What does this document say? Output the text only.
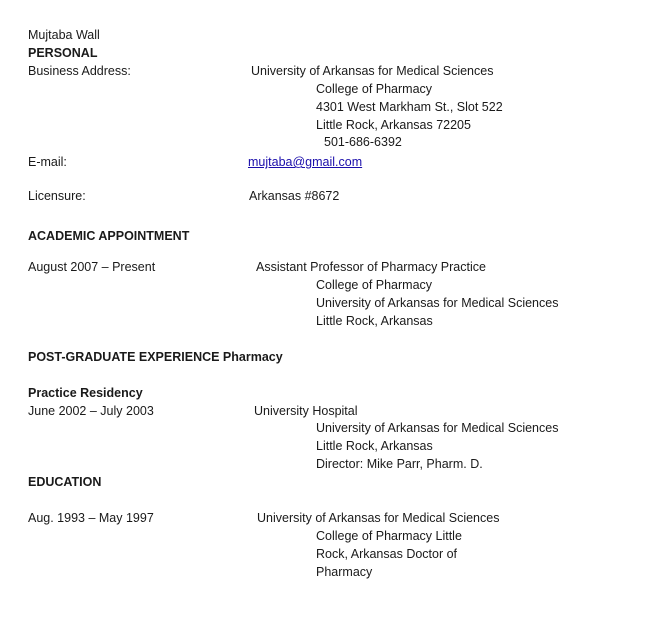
Mujtaba Wall
PERSONAL
Business Address:	University of Arkansas for Medical Sciences
College of Pharmacy
4301 West Markham St., Slot 522
Little Rock, Arkansas 72205
501-686-6392
E-mail:	mujtaba@gmail.com
Licensure:	Arkansas #8672
ACADEMIC APPOINTMENT
August 2007 – Present	Assistant Professor of Pharmacy Practice
College of Pharmacy
University of Arkansas for Medical Sciences
Little Rock, Arkansas
POST-GRADUATE EXPERIENCE Pharmacy
Practice Residency
June 2002 – July 2003	University Hospital
University of Arkansas for Medical Sciences
Little Rock, Arkansas
Director: Mike Parr, Pharm. D.
EDUCATION
Aug. 1993 – May 1997	University of Arkansas for Medical Sciences
College of Pharmacy Little
Rock, Arkansas Doctor of
Pharmacy
